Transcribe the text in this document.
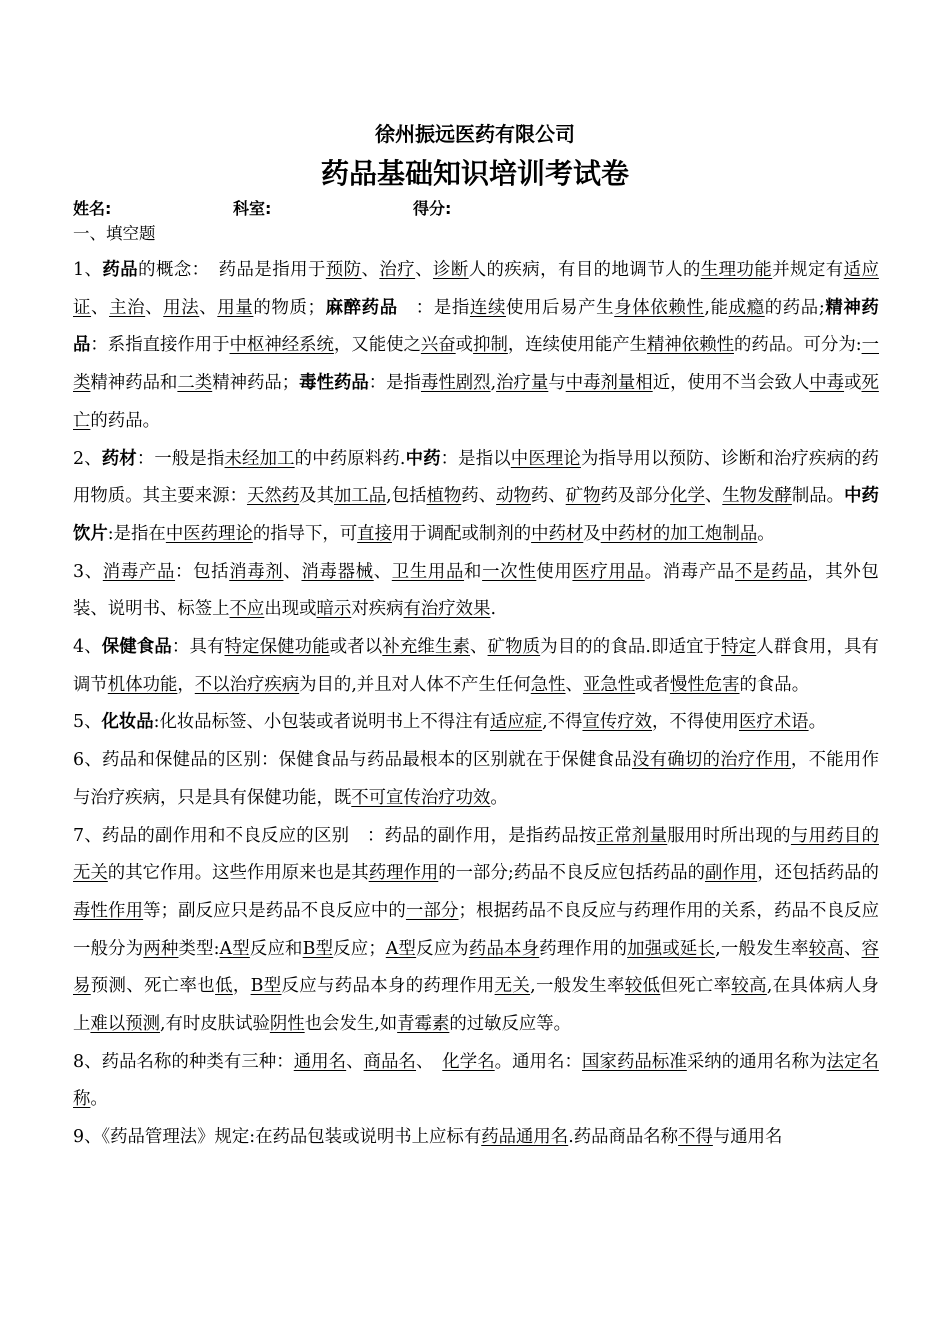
徐州振远医药有限公司
药品基础知识培训考试卷
姓名:	科室:	得分:
一、填空题

1、药品的概念：　药品是指用于预防、治疗、诊断人的疾病，有目的地调节人的生理功能并规定有适应证、主治、用法、用量的物质；麻醉药品　：是指连续使用后易产生身体依赖性,能成瘾的药品;精神药品：系指直接作用于中枢神经系统，又能使之兴奋或抑制，连续使用能产生精神依赖性的药品。可分为:一类精神药品和二类精神药品；毒性药品：是指毒性剧烈,治疗量与中毒剂量相近，使用不当会致人中毒或死亡的药品。

2、药材：一般是指未经加工的中药原料药.中药：是指以中医理论为指导用以预防、诊断和治疗疾病的药用物质。其主要来源：天然药及其加工品,包括植物药、动物药、矿物药及部分化学、生物发酵制品。中药饮片:是指在中医药理论的指导下，可直接用于调配或制剂的中药材及中药材的加工炮制品。

3、消毒产品：包括消毒剂、消毒器械、卫生用品和一次性使用医疗用品。消毒产品不是药品，其外包装、说明书、标签上不应出现或暗示对疾病有治疗效果.

4、保健食品：具有特定保健功能或者以补充维生素、矿物质为目的的食品.即适宜于特定人群食用，具有调节机体功能，不以治疗疾病为目的,并且对人体不产生任何急性、亚急性或者慢性危害的食品。

5、化妆品:化妆品标签、小包装或者说明书上不得注有适应症,不得宣传疗效，不得使用医疗术语。

6、药品和保健品的区别：保健食品与药品最根本的区别就在于保健食品没有确切的治疗作用，不能用作与治疗疾病，只是具有保健功能，既不可宣传治疗功效。

7、药品的副作用和不良反应的区别　：药品的副作用，是指药品按正常剂量服用时所出现的与用药目的无关的其它作用。这些作用原来也是其药理作用的一部分;药品不良反应包括药品的副作用，还包括药品的毒性作用等；副反应只是药品不良反应中的一部分；根据药品不良反应与药理作用的关系，药品不良反应一般分为两种类型:A型反应和B型反应；A型反应为药品本身药理作用的加强或延长,一般发生率较高、容易预测、死亡率也低，B型反应与药品本身的药理作用无关,一般发生率较低但死亡率较高,在具体病人身上难以预测,有时皮肤试验阴性也会发生,如青霉素的过敏反应等。

8、药品名称的种类有三种：通用名、商品名、　化学名。通用名：国家药品标准采纳的通用名称为法定名称。

9、《药品管理法》规定:在药品包装或说明书上应标有药品通用名.药品商品名称不得与通用名
